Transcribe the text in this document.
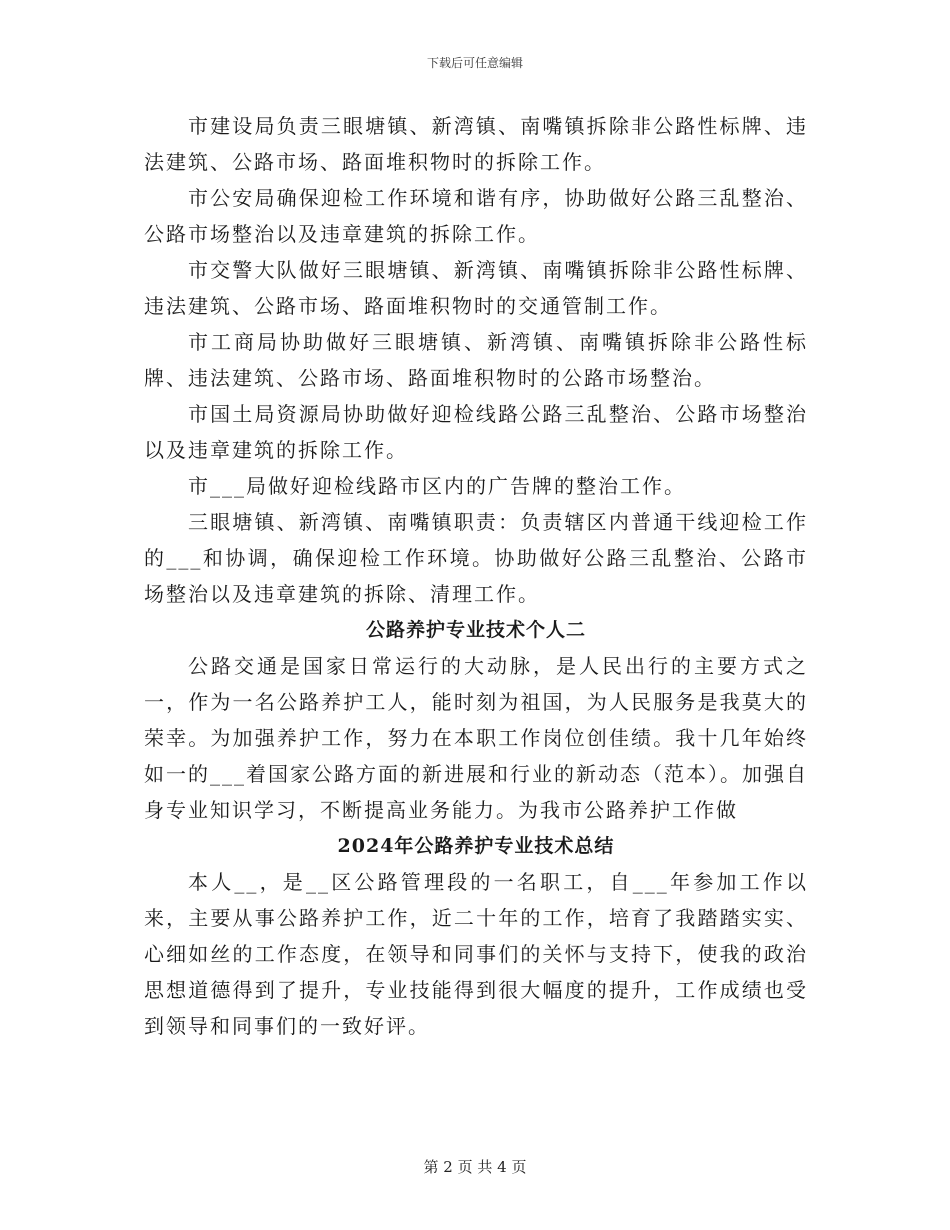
下载后可任意编辑

市建设局负责三眼塘镇、新湾镇、南嘴镇拆除非公路性标牌、违法建筑、公路市场、路面堆积物时的拆除工作。

市公安局确保迎检工作环境和谐有序，协助做好公路三乱整治、公路市场整治以及违章建筑的拆除工作。

市交警大队做好三眼塘镇、新湾镇、南嘴镇拆除非公路性标牌、违法建筑、公路市场、路面堆积物时的交通管制工作。

市工商局协助做好三眼塘镇、新湾镇、南嘴镇拆除非公路性标牌、违法建筑、公路市场、路面堆积物时的公路市场整治。

市国土局资源局协助做好迎检线路公路三乱整治、公路市场整治以及违章建筑的拆除工作。

市___局做好迎检线路市区内的广告牌的整治工作。

三眼塘镇、新湾镇、南嘴镇职责：负责辖区内普通干线迎检工作的___和协调，确保迎检工作环境。协助做好公路三乱整治、公路市场整治以及违章建筑的拆除、清理工作。

公路养护专业技术个人二

公路交通是国家日常运行的大动脉，是人民出行的主要方式之一，作为一名公路养护工人，能时刻为祖国，为人民服务是我莫大的荣幸。为加强养护工作，努力在本职工作岗位创佳绩。我十几年始终如一的___着国家公路方面的新进展和行业的新动态（范本）。加强自身专业知识学习，不断提高业务能力。为我市公路养护工作做

2024年公路养护专业技术总结

本人__，是__区公路管理段的一名职工，自___年参加工作以来，主要从事公路养护工作，近二十年的工作，培育了我踏踏实实、心细如丝的工作态度，在领导和同事们的关怀与支持下，使我的政治思想道德得到了提升，专业技能得到很大幅度的提升，工作成绩也受到领导和同事们的一致好评。

第 2 页 共 4 页
